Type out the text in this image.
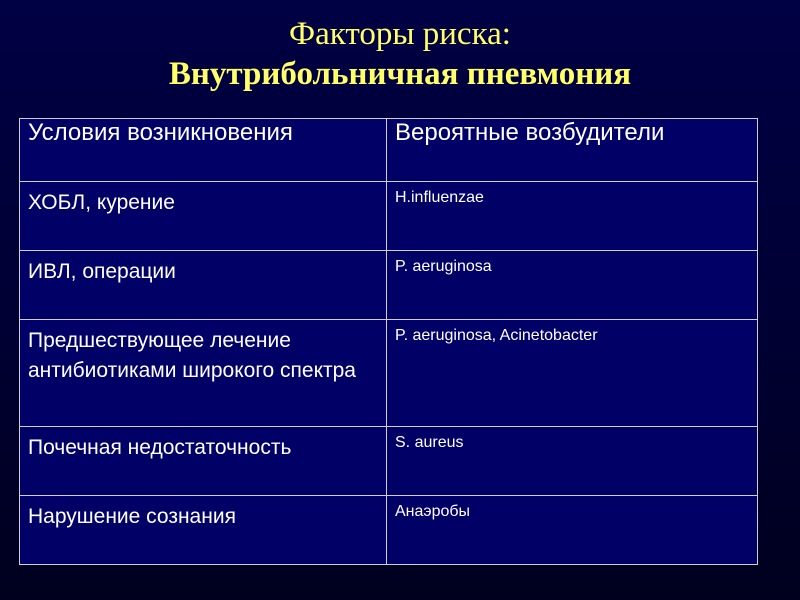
Факторы риска:
Внутрибольничная пневмония
Условия возникновения	Вероятные возбудители
ХОБЛ, курение	H.influenzae
ИВЛ, операции	P. aeruginosa
Предшествующее лечение антибиотиками широкого спектра	P. aeruginosa, Acinetobacter
Почечная недостаточность	S. aureus
Нарушение сознания	Анаэробы
